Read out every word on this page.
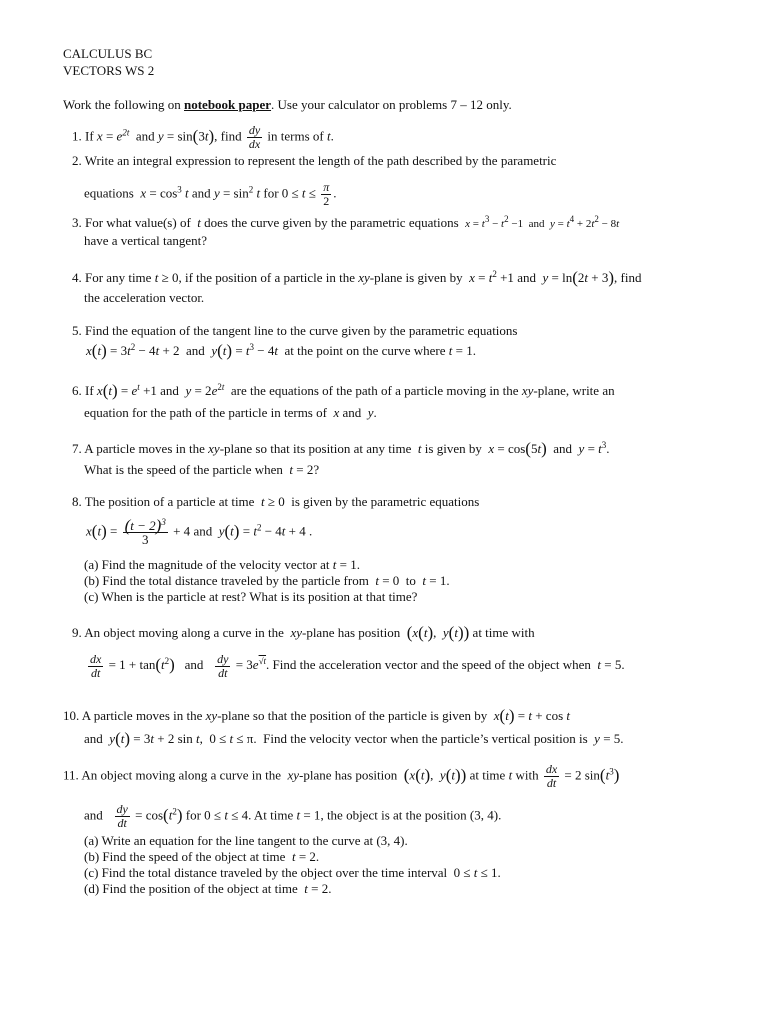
CALCULUS BC
VECTORS WS 2
Work the following on notebook paper. Use your calculator on problems 7 – 12 only.
1. If $x = e^{2t}$ and y = sin(3t), find $\frac{dy}{dx}$ in terms of t.
2. Write an integral expression to represent the length of the path described by the parametric
equations $x = \cos^3 t$ and $y = \sin^2 t$ for $0 \le t \le \frac{\pi}{2}$ .
3. For what value(s) of t does the curve given by the parametric equations $x = t^3 - t^2 -1$  and $y = t^4 + 2t^2 - 8t$
have a vertical tangent?
4. For any time t ≥ 0, if the position of a particle in the xy-plane is given by $x = t^2 +1$ and y = ln(2t + 3), find
the acceleration vector.
5. Find the equation of the tangent line to the curve given by the parametric equations
$x(t) = 3t^2 - 4t + 2$  and $y(t) = t^3 - 4t$ at the point on the curve where t = 1.
6. If $x(t) = e^t +1$ and $y = 2e^{2t}$ are the equations of the path of a particle moving in the xy-plane, write an
equation for the path of the particle in terms of x and y.
7. A particle moves in the xy-plane so that its position at any time t is given by x = cos(5t) and $y = t^3$.
What is the speed of the particle when t = 2?
8. The position of a particle at time t ≥ 0  is given by the parametric equations
$x(t) = \frac{(t - 2)^3}{3} + 4$ and $y(t) = t^2 - 4t + 4$ .
(a) Find the magnitude of the velocity vector at t = 1.
(b) Find the total distance traveled by the particle from t = 0  to t = 1.
(c) When is the particle at rest? What is its position at that time?
9. An object moving along a curve in the xy-plane has position (x(t),  y(t)) at time with
$\frac{dx}{dt} = 1 + \tan(t^2)$ and $\frac{dy}{dt} = 3e^{√t}$. Find the acceleration vector and the speed of the object when t = 5.
10. A particle moves in the xy-plane so that the position of the particle is given by x(t) = t + cos t
and y(t) = 3t + 2 sin t,  0 ≤ t ≤ π.  Find the velocity vector when the particle’s vertical position is y = 5.
11. An object moving along a curve in the xy-plane has position (x(t),  y(t)) at time t with $\frac{dx}{dt} = 2$ $\sin(t^3)$
and $\frac{dy}{dt} = \cos(t^2)$ for 0 ≤ t ≤ 4. At time t = 1, the object is at the position (3, 4).
(a) Write an equation for the line tangent to the curve at (3, 4).
(b) Find the speed of the object at time t = 2.
(c) Find the total distance traveled by the object over the time interval  0 ≤ t ≤ 1.
(d) Find the position of the object at time t = 2.
